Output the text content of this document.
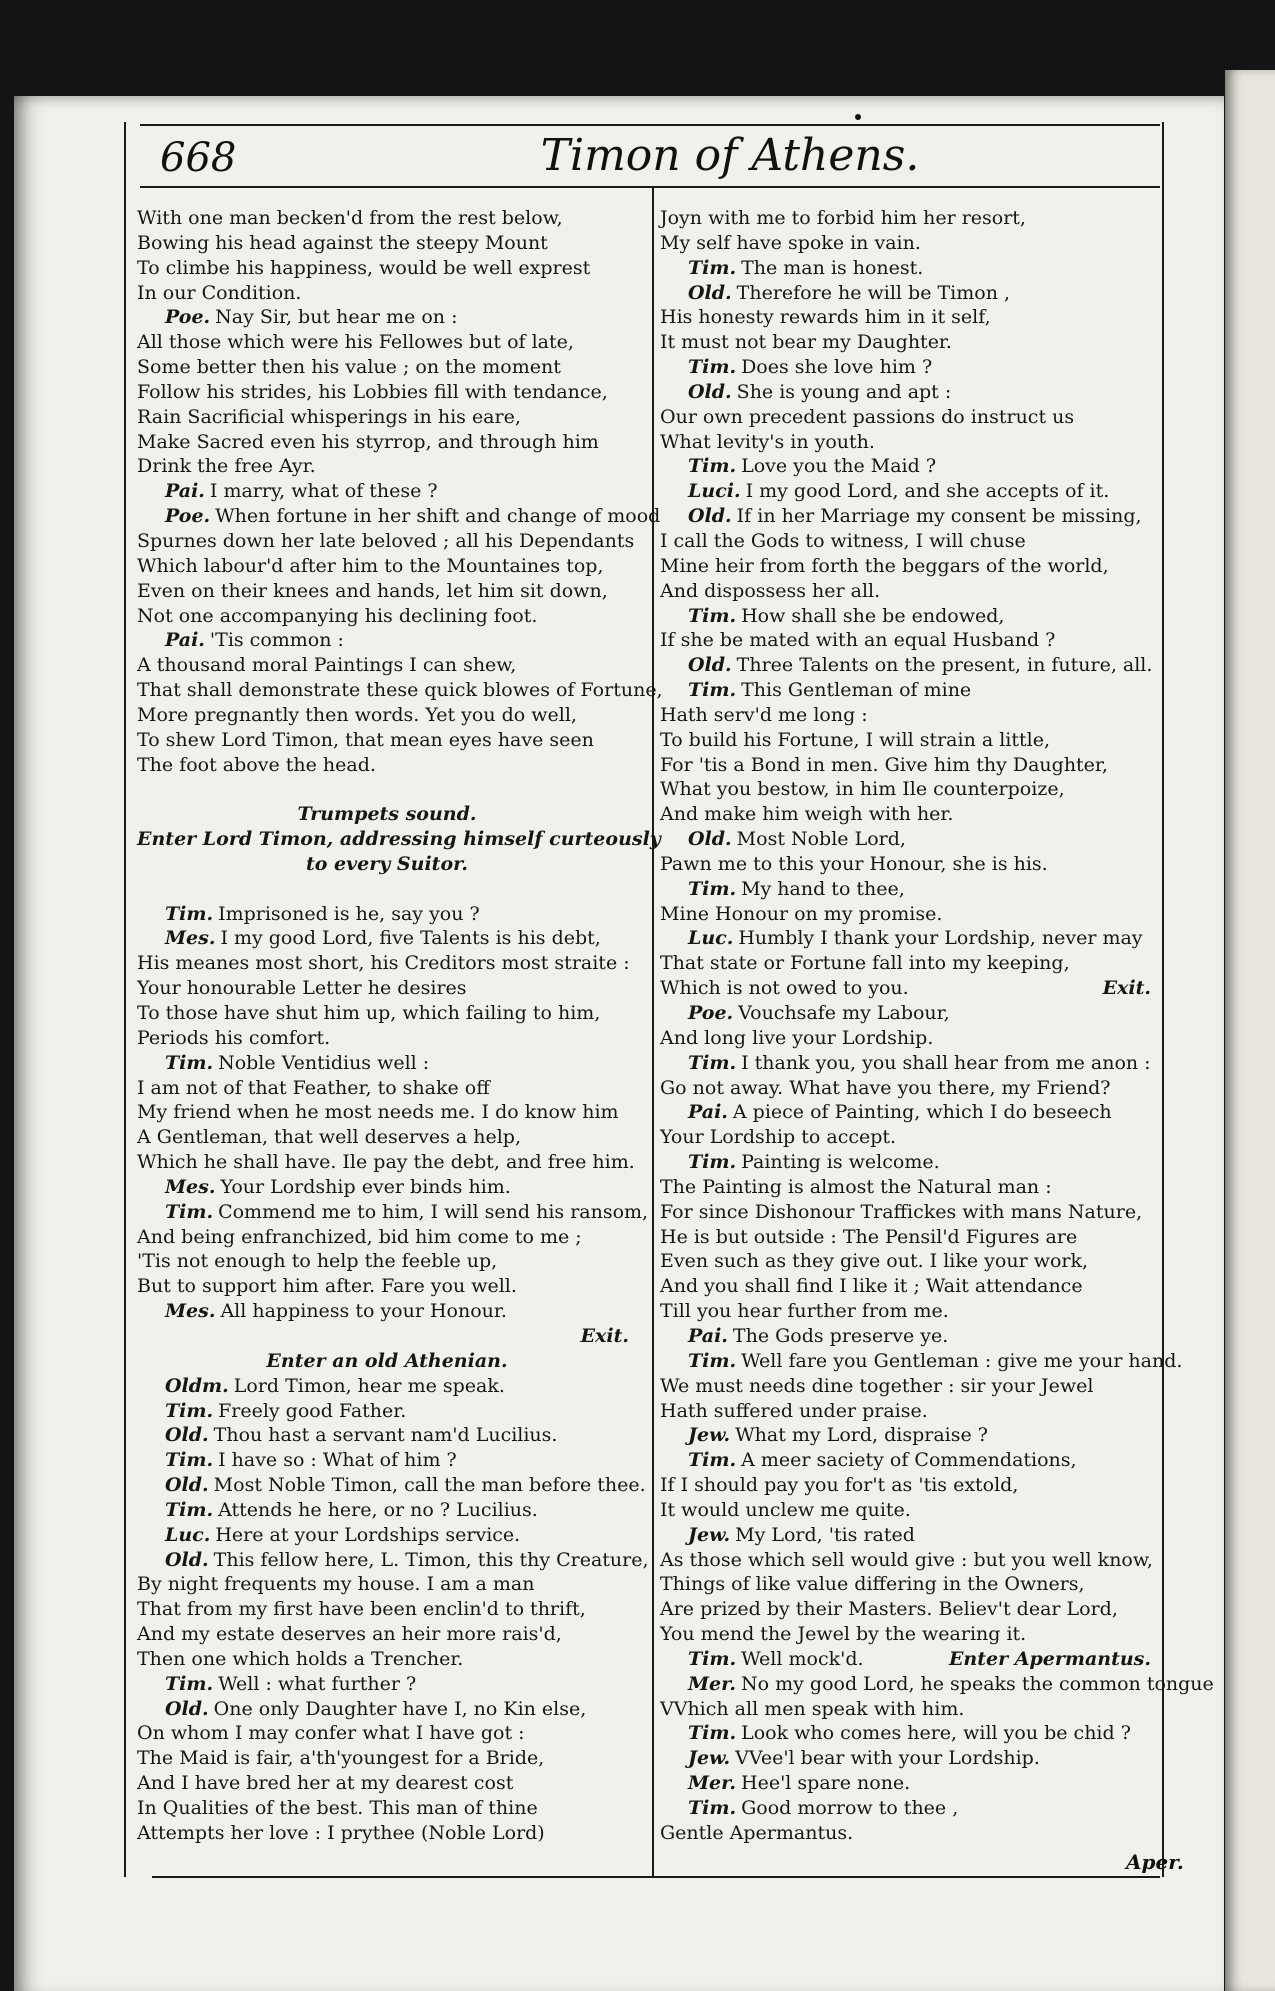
668	Timon of Athens.
With one man becken'd from the rest below,
Bowing his head against the steepy Mount
To climbe his happiness, would be well exprest
In our Condition.
Poe. Nay Sir, but hear me on :
All those which were his Fellowes but of late,
Some better then his value ; on the moment
Follow his strides, his Lobbies fill with tendance,
Rain Sacrificial whisperings in his eare,
Make Sacred even his styrrop, and through him
Drink the free Ayr.
Pai. I marry, what of these ?
Poe. When fortune in her shift and change of mood
Spurnes down her late beloved ; all his Dependants
Which labour'd after him to the Mountaines top,
Even on their knees and hands, let him sit down,
Not one accompanying his declining foot.
Pai. 'Tis common :
A thousand moral Paintings I can shew,
That shall demonstrate these quick blowes of Fortune,
More pregnantly then words. Yet you do well,
To shew Lord Timon, that mean eyes have seen
The foot above the head.
Trumpets sound.
Enter Lord Timon, addressing himself curteously
to every Suitor.
Tim. Imprisoned is he, say you ?
Mes. I my good Lord, five Talents is his debt,
His meanes most short, his Creditors most straite :
Your honourable Letter he desires
To those have shut him up, which failing to him,
Periods his comfort.
Tim. Noble Ventidius well :
I am not of that Feather, to shake off
My friend when he most needs me. I do know him
A Gentleman, that well deserves a help,
Which he shall have. Ile pay the debt, and free him.
Mes. Your Lordship ever binds him.
Tim. Commend me to him, I will send his ransom,
And being enfranchized, bid him come to me ;
'Tis not enough to help the feeble up,
But to support him after. Fare you well.
Mes. All happiness to your Honour.
Exit.
Enter an old Athenian.
Oldm. Lord Timon, hear me speak.
Tim. Freely good Father.
Old. Thou hast a servant nam'd Lucilius.
Tim. I have so : What of him ?
Old. Most Noble Timon, call the man before thee.
Tim. Attends he here, or no ? Lucilius.
Luc. Here at your Lordships service.
Old. This fellow here, L. Timon, this thy Creature,
By night frequents my house. I am a man
That from my first have been enclin'd to thrift,
And my estate deserves an heir more rais'd,
Then one which holds a Trencher.
Tim. Well : what further ?
Old. One only Daughter have I, no Kin else,
On whom I may confer what I have got :
The Maid is fair, a'th'youngest for a Bride,
And I have bred her at my dearest cost
In Qualities of the best. This man of thine
Attempts her love : I prythee (Noble Lord)
Joyn with me to forbid him her resort,
My self have spoke in vain.
Tim. The man is honest.
Old. Therefore he will be Timon ,
His honesty rewards him in it self,
It must not bear my Daughter.
Tim. Does she love him ?
Old. She is young and apt :
Our own precedent passions do instruct us
What levity's in youth.
Tim. Love you the Maid ?
Luci. I my good Lord, and she accepts of it.
Old. If in her Marriage my consent be missing,
I call the Gods to witness, I will chuse
Mine heir from forth the beggars of the world,
And dispossess her all.
Tim. How shall she be endowed,
If she be mated with an equal Husband ?
Old. Three Talents on the present, in future, all.
Tim. This Gentleman of mine
Hath serv'd me long :
To build his Fortune, I will strain a little,
For 'tis a Bond in men. Give him thy Daughter,
What you bestow, in him Ile counterpoize,
And make him weigh with her.
Old. Most Noble Lord,
Pawn me to this your Honour, she is his.
Tim. My hand to thee,
Mine Honour on my promise.
Luc. Humbly I thank your Lordship, never may
That state or Fortune fall into my keeping,
Which is not owed to you.	Exit.
Poe. Vouchsafe my Labour,
And long live your Lordship.
Tim. I thank you, you shall hear from me anon :
Go not away. What have you there, my Friend?
Pai. A piece of Painting, which I do beseech
Your Lordship to accept.
Tim. Painting is welcome.
The Painting is almost the Natural man :
For since Dishonour Traffickes with mans Nature,
He is but outside : The Pensil'd Figures are
Even such as they give out. I like your work,
And you shall find I like it ; Wait attendance
Till you hear further from me.
Pai. The Gods preserve ye.
Tim. Well fare you Gentleman : give me your hand.
We must needs dine together : sir your Jewel
Hath suffered under praise.
Jew. What my Lord, dispraise ?
Tim. A meer saciety of Commendations,
If I should pay you for't as 'tis extold,
It would unclew me quite.
Jew. My Lord, 'tis rated
As those which sell would give : but you well know,
Things of like value differing in the Owners,
Are prized by their Masters. Believ't dear Lord,
You mend the Jewel by the wearing it.
Tim. Well mock'd.	Enter Apermantus.
Mer. No my good Lord, he speaks the common tongue
VVhich all men speak with him.
Tim. Look who comes here, will you be chid ?
Jew. VVee'l bear with your Lordship.
Mer. Hee'l spare none.
Tim. Good morrow to thee ,
Gentle Apermantus.
Aper.
